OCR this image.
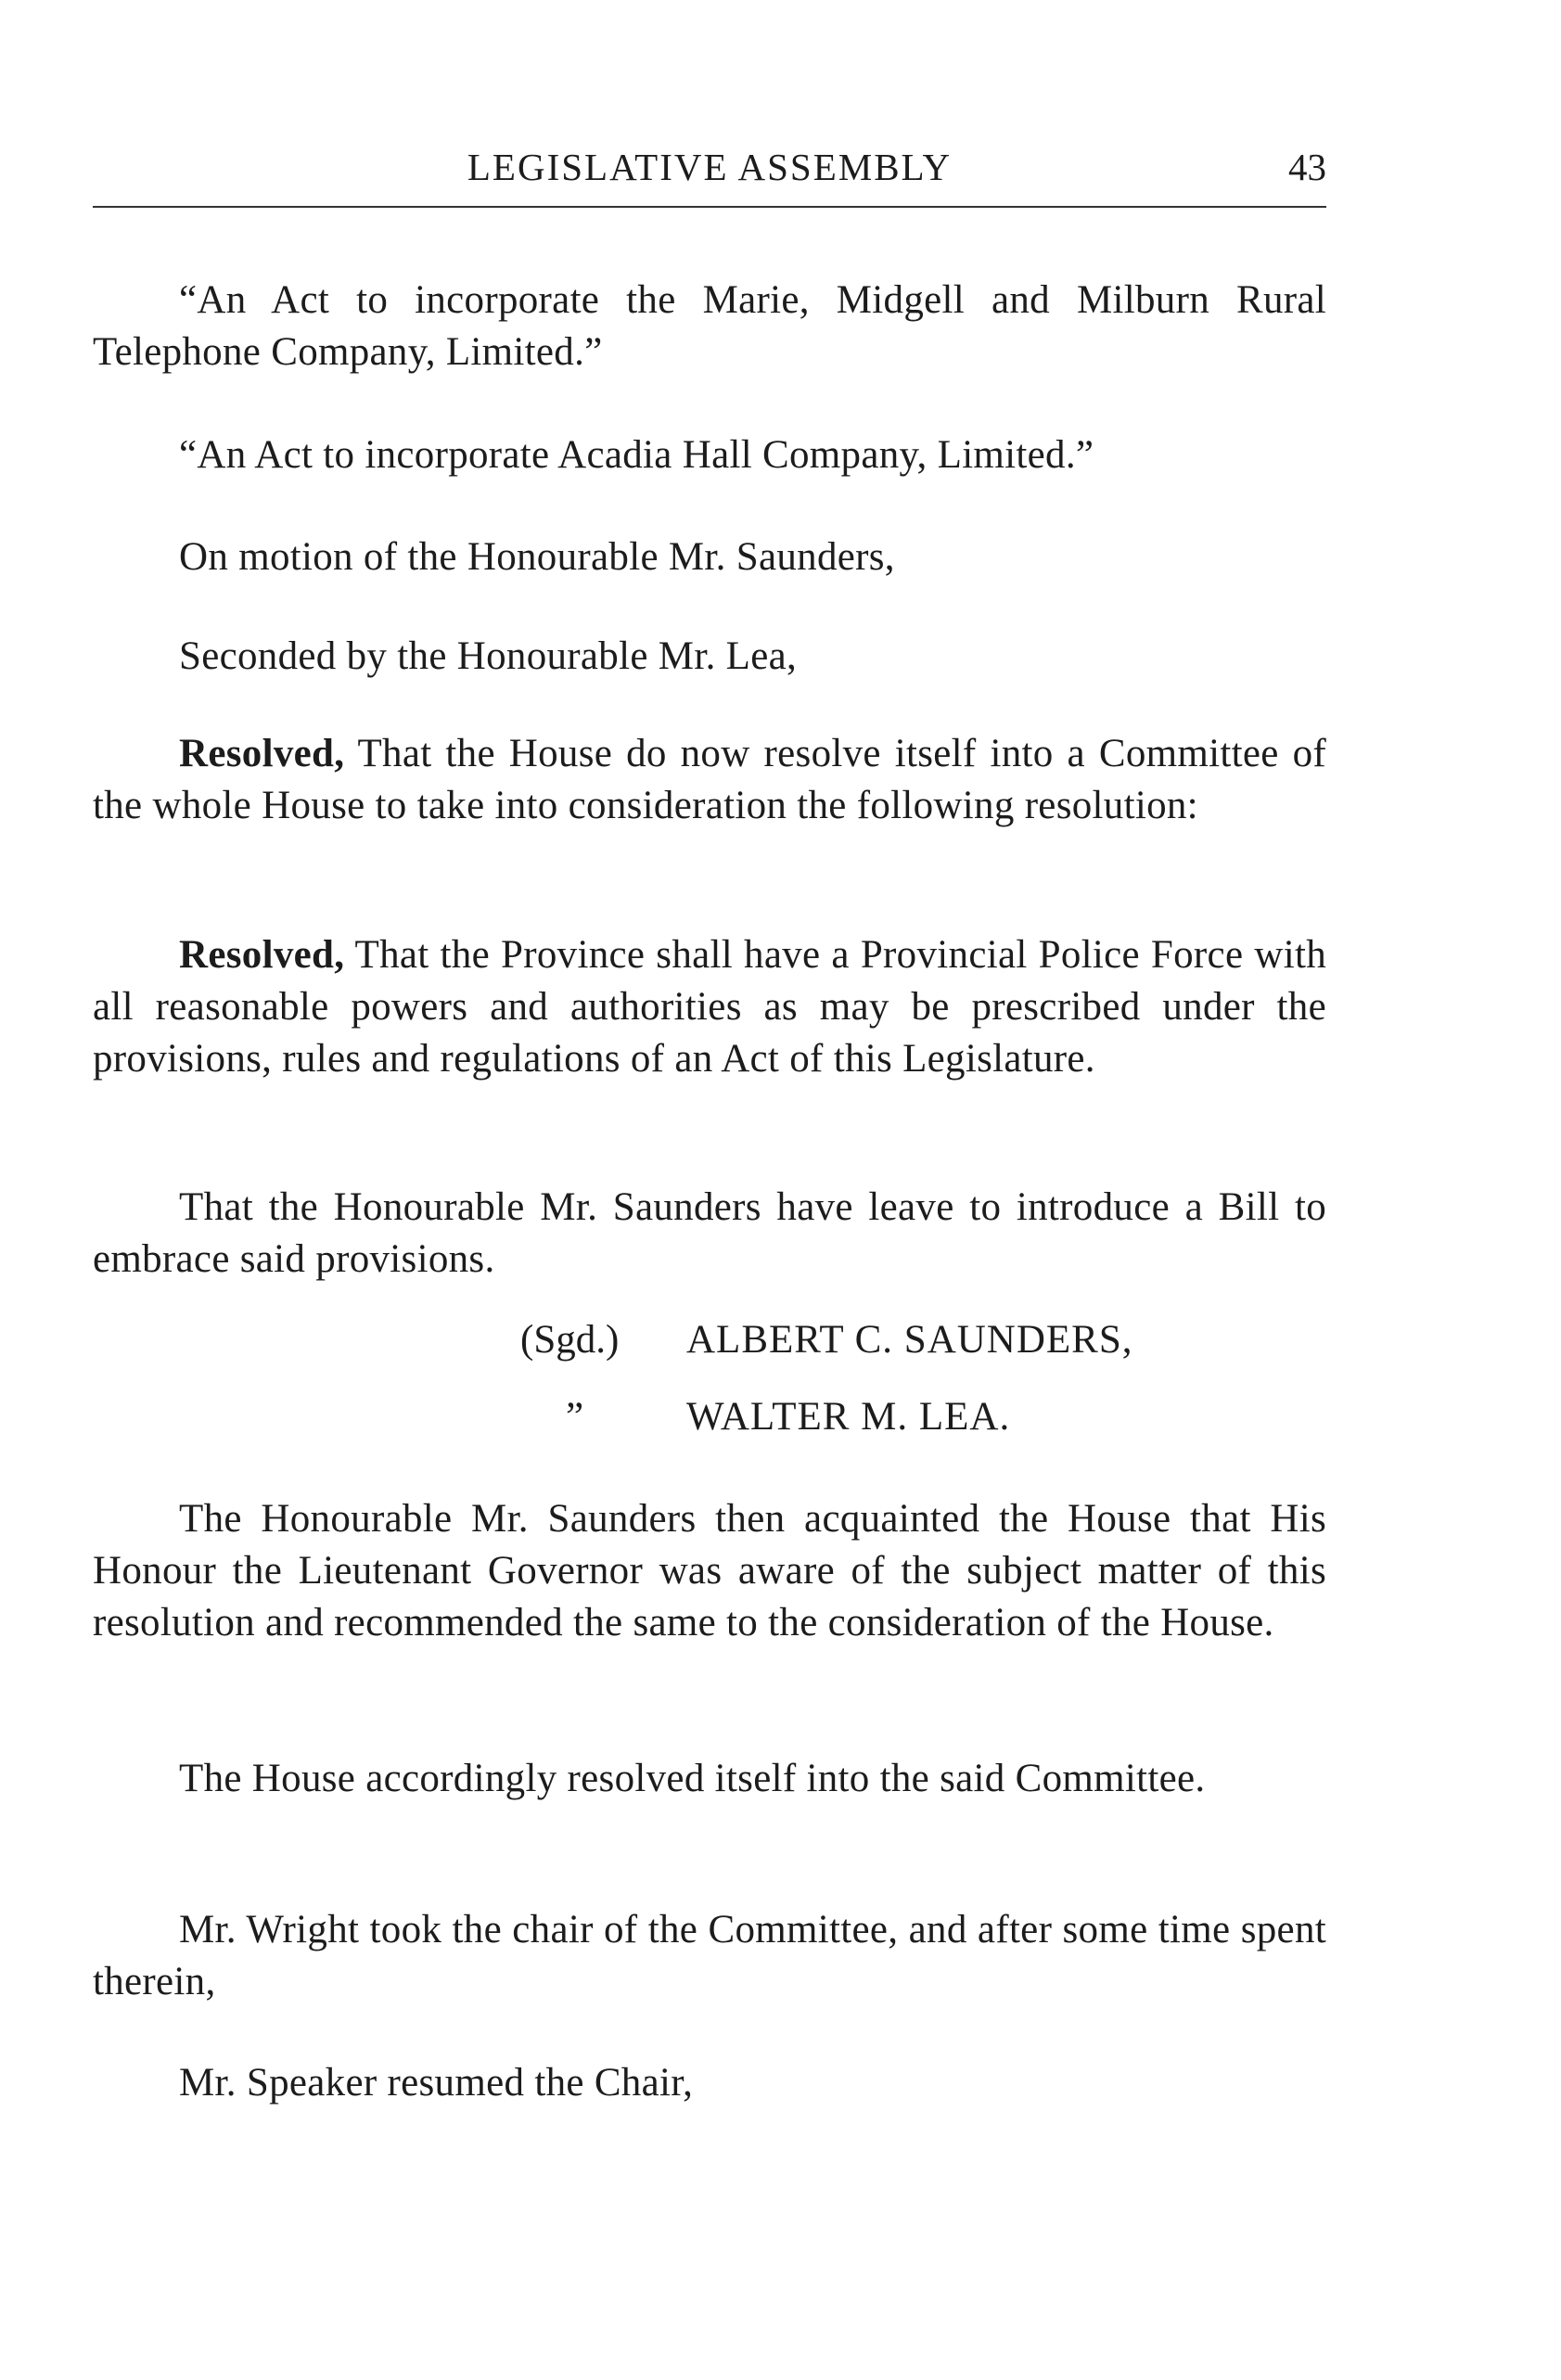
LEGISLATIVE ASSEMBLY	43

“An Act to incorporate the Marie, Midgell and Milburn Rural Telephone Company, Limited.”

“An Act to incorporate Acadia Hall Company, Limited.”

On motion of the Honourable Mr. Saunders,

Seconded by the Honourable Mr. Lea,

Resolved, That the House do now resolve itself into a Committee of the whole House to take into consideration the following resolution:

Resolved, That the Province shall have a Provincial Police Force with all reasonable powers and authorities as may be prescribed under the provisions, rules and regulations of an Act of this Legislature.

That the Honourable Mr. Saunders have leave to introduce a Bill to embrace said provisions.

(Sgd.) ALBERT C. SAUNDERS,
”	WALTER M. LEA.

The Honourable Mr. Saunders then acquainted the House that His Honour the Lieutenant Governor was aware of the subject matter of this resolution and recommended the same to the consideration of the House.

The House accordingly resolved itself into the said Committee.

Mr. Wright took the chair of the Committee, and after some time spent therein,

Mr. Speaker resumed the Chair,
